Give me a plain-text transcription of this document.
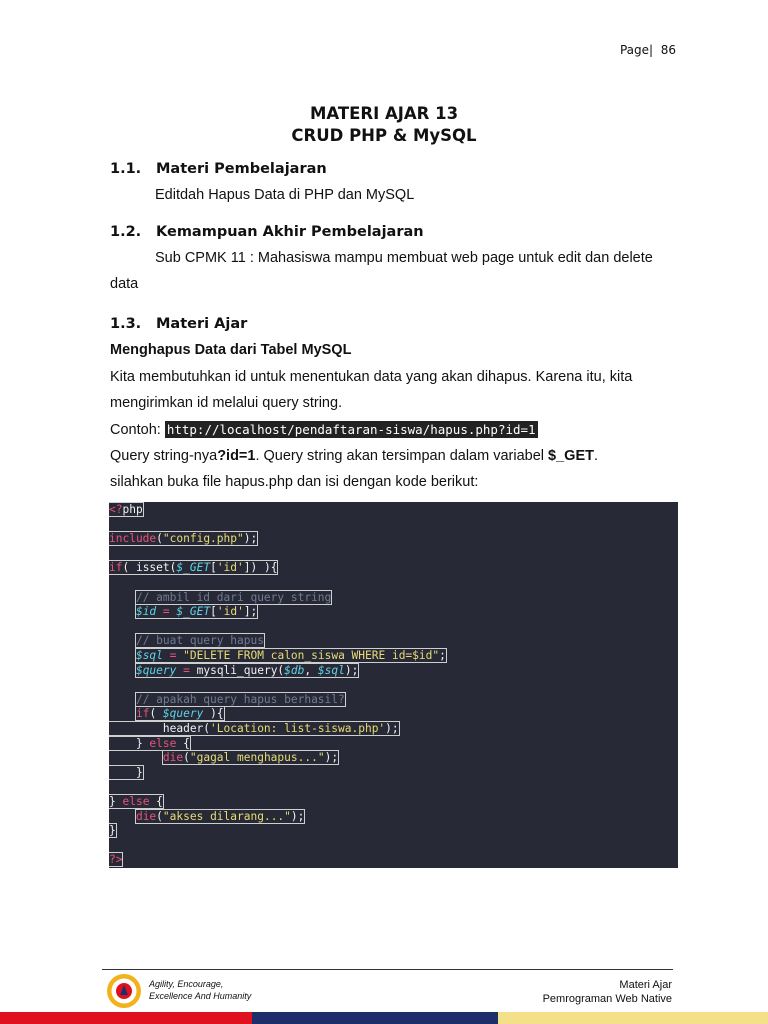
Page| 86
MATERI AJAR 13
CRUD PHP & MySQL
1.1. Materi Pembelajaran
Editdah Hapus Data di PHP dan MySQL
1.2. Kemampuan Akhir Pembelajaran
Sub CPMK 11 : Mahasiswa mampu membuat web page untuk edit dan delete
data
1.3. Materi Ajar
Menghapus Data dari Tabel MySQL
Kita membutuhkan id untuk menentukan data yang akan dihapus. Karena itu, kita
mengirimkan id melalui query string.
Contoh: http://localhost/pendaftaran-siswa/hapus.php?id=1
Query string-nya?id=1. Query string akan tersimpan dalam variabel $_GET.
silahkan buka file hapus.php dan isi dengan kode berikut:
<?php
include("config.php");
if( isset($_GET['id']) ){
// ambil id dari query string
$id = $_GET['id'];
// buat query hapus
$sql = "DELETE FROM calon_siswa WHERE id=$id";
$query = mysqli_query($db, $sql);
// apakah query hapus berhasil?
if( $query ){
header('Location: list-siswa.php');
} else {
die("gagal menghapus...");
}
} else {
die("akses dilarang...");
}
?>
Agility, Encourage,
Excellence And Humanity
Materi Ajar
Pemrograman Web Native
